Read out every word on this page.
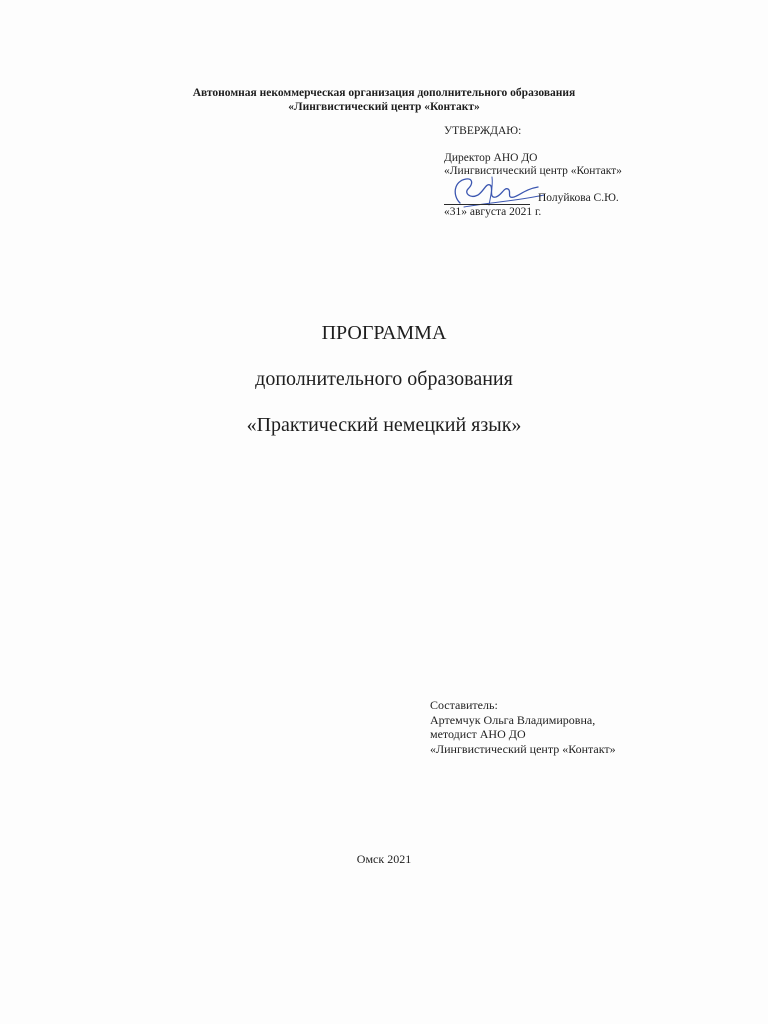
Автономная некоммерческая организация дополнительного образования
«Лингвистический центр «Контакт»
УТВЕРЖДАЮ:
Директор АНО ДО
«Лингвистический центр «Контакт»
Полуйкова С.Ю.
«31» августа 2021 г.
ПРОГРАММА
дополнительного образования
«Практический немецкий язык»
Составитель:
Артемчук Ольга Владимировна,
методист АНО ДО
«Лингвистический центр «Контакт»
Омск 2021
